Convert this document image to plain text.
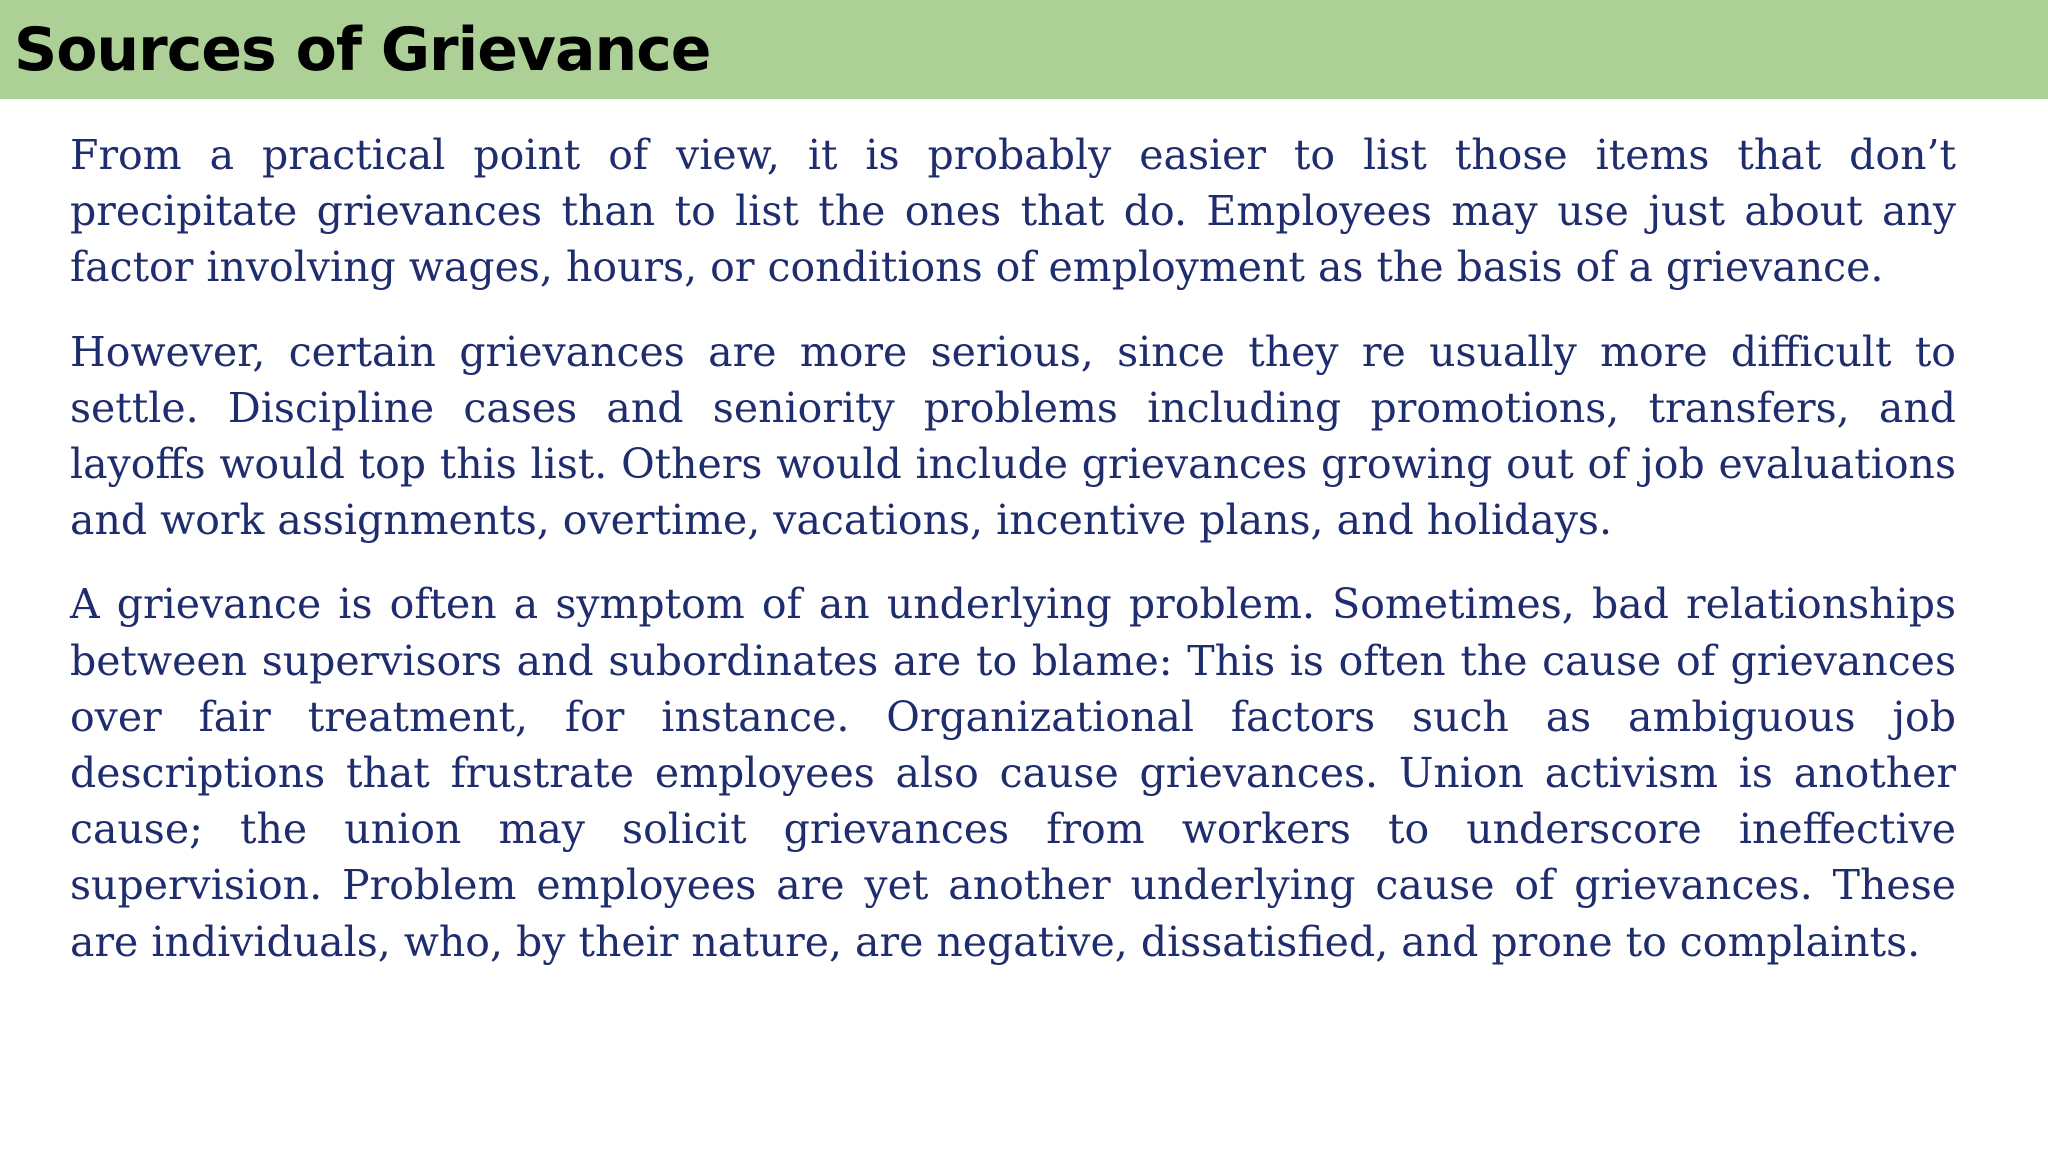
Sources of Grievance

From a practical point of view, it is probably easier to list those items that don’t precipitate grievances than to list the ones that do. Employees may use just about any factor involving wages, hours, or conditions of employment as the basis of a grievance.

However, certain grievances are more serious, since they re usually more difficult to settle. Discipline cases and seniority problems including promotions, transfers, and layoffs would top this list. Others would include grievances growing out of job evaluations and work assignments, overtime, vacations, incentive plans, and holidays.

A grievance is often a symptom of an underlying problem. Sometimes, bad relationships between supervisors and subordinates are to blame: This is often the cause of grievances over fair treatment, for instance. Organizational factors such as ambiguous job descriptions that frustrate employees also cause grievances. Union activism is another cause; the union may solicit grievances from workers to underscore ineffective supervision. Problem employees are yet another underlying cause of grievances. These are individuals, who, by their nature, are negative, dissatisfied, and prone to complaints.
